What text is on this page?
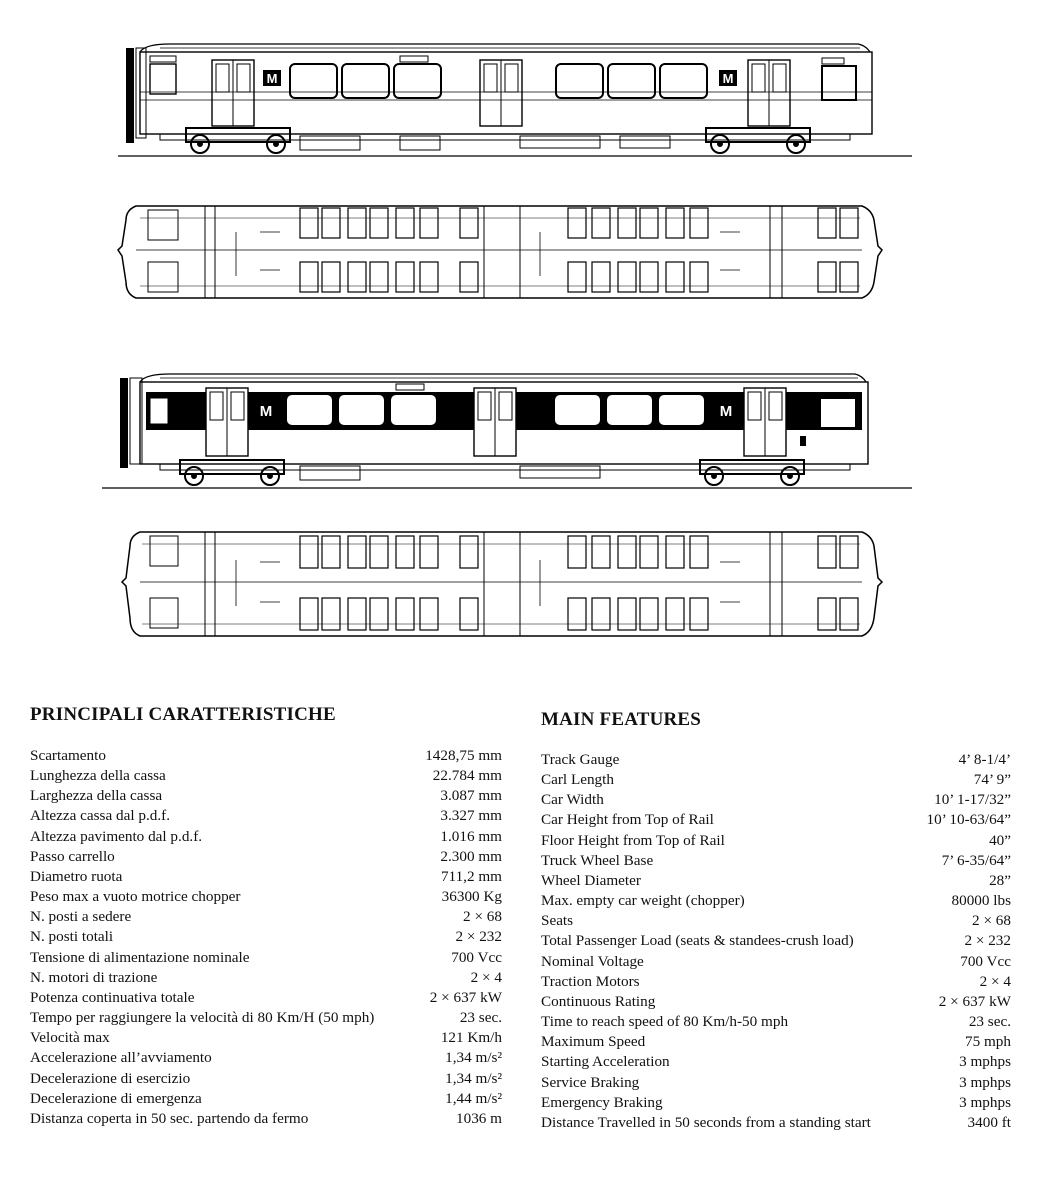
M	M
M	M
PRINCIPALI CARATTERISTICHE
Scartamento	1428,75 mm
Lunghezza della cassa	22.784 mm
Larghezza della cassa	3.087 mm
Altezza cassa dal p.d.f.	3.327 mm
Altezza pavimento dal p.d.f.	1.016 mm
Passo carrello	2.300 mm
Diametro ruota	711,2 mm
Peso max a vuoto motrice chopper	36300 Kg
N. posti a sedere	2 × 68
N. posti totali	2 × 232
Tensione di alimentazione nominale	700 Vcc
N. motori di trazione	2 × 4
Potenza continuativa totale	2 × 637 kW
Tempo per raggiungere la velocità di 80 Km/H (50 mph)	23 sec.
Velocità max	121 Km/h
Accelerazione all’avviamento	1,34 m/s²
Decelerazione di esercizio	1,34 m/s²
Decelerazione di emergenza	1,44 m/s²
Distanza coperta in 50 sec. partendo da fermo	1036 m
MAIN FEATURES
Track Gauge	4’ 8-1/4’
Carl Length	74’ 9”
Car Width	10’ 1-17/32”
Car Height from Top of Rail	10’ 10-63/64”
Floor Height from Top of Rail	40”
Truck Wheel Base	7’ 6-35/64”
Wheel Diameter	28”
Max. empty car weight (chopper)	80000 lbs
Seats	2 × 68
Total Passenger Load (seats & standees-crush load)	2 × 232
Nominal Voltage	700 Vcc
Traction Motors	2 × 4
Continuous Rating	2 × 637 kW
Time to reach speed of 80 Km/h-50 mph	23 sec.
Maximum Speed	75 mph
Starting Acceleration	3 mphps
Service Braking	3 mphps
Emergency Braking	3 mphps
Distance Travelled in 50 seconds from a standing start	3400 ft
